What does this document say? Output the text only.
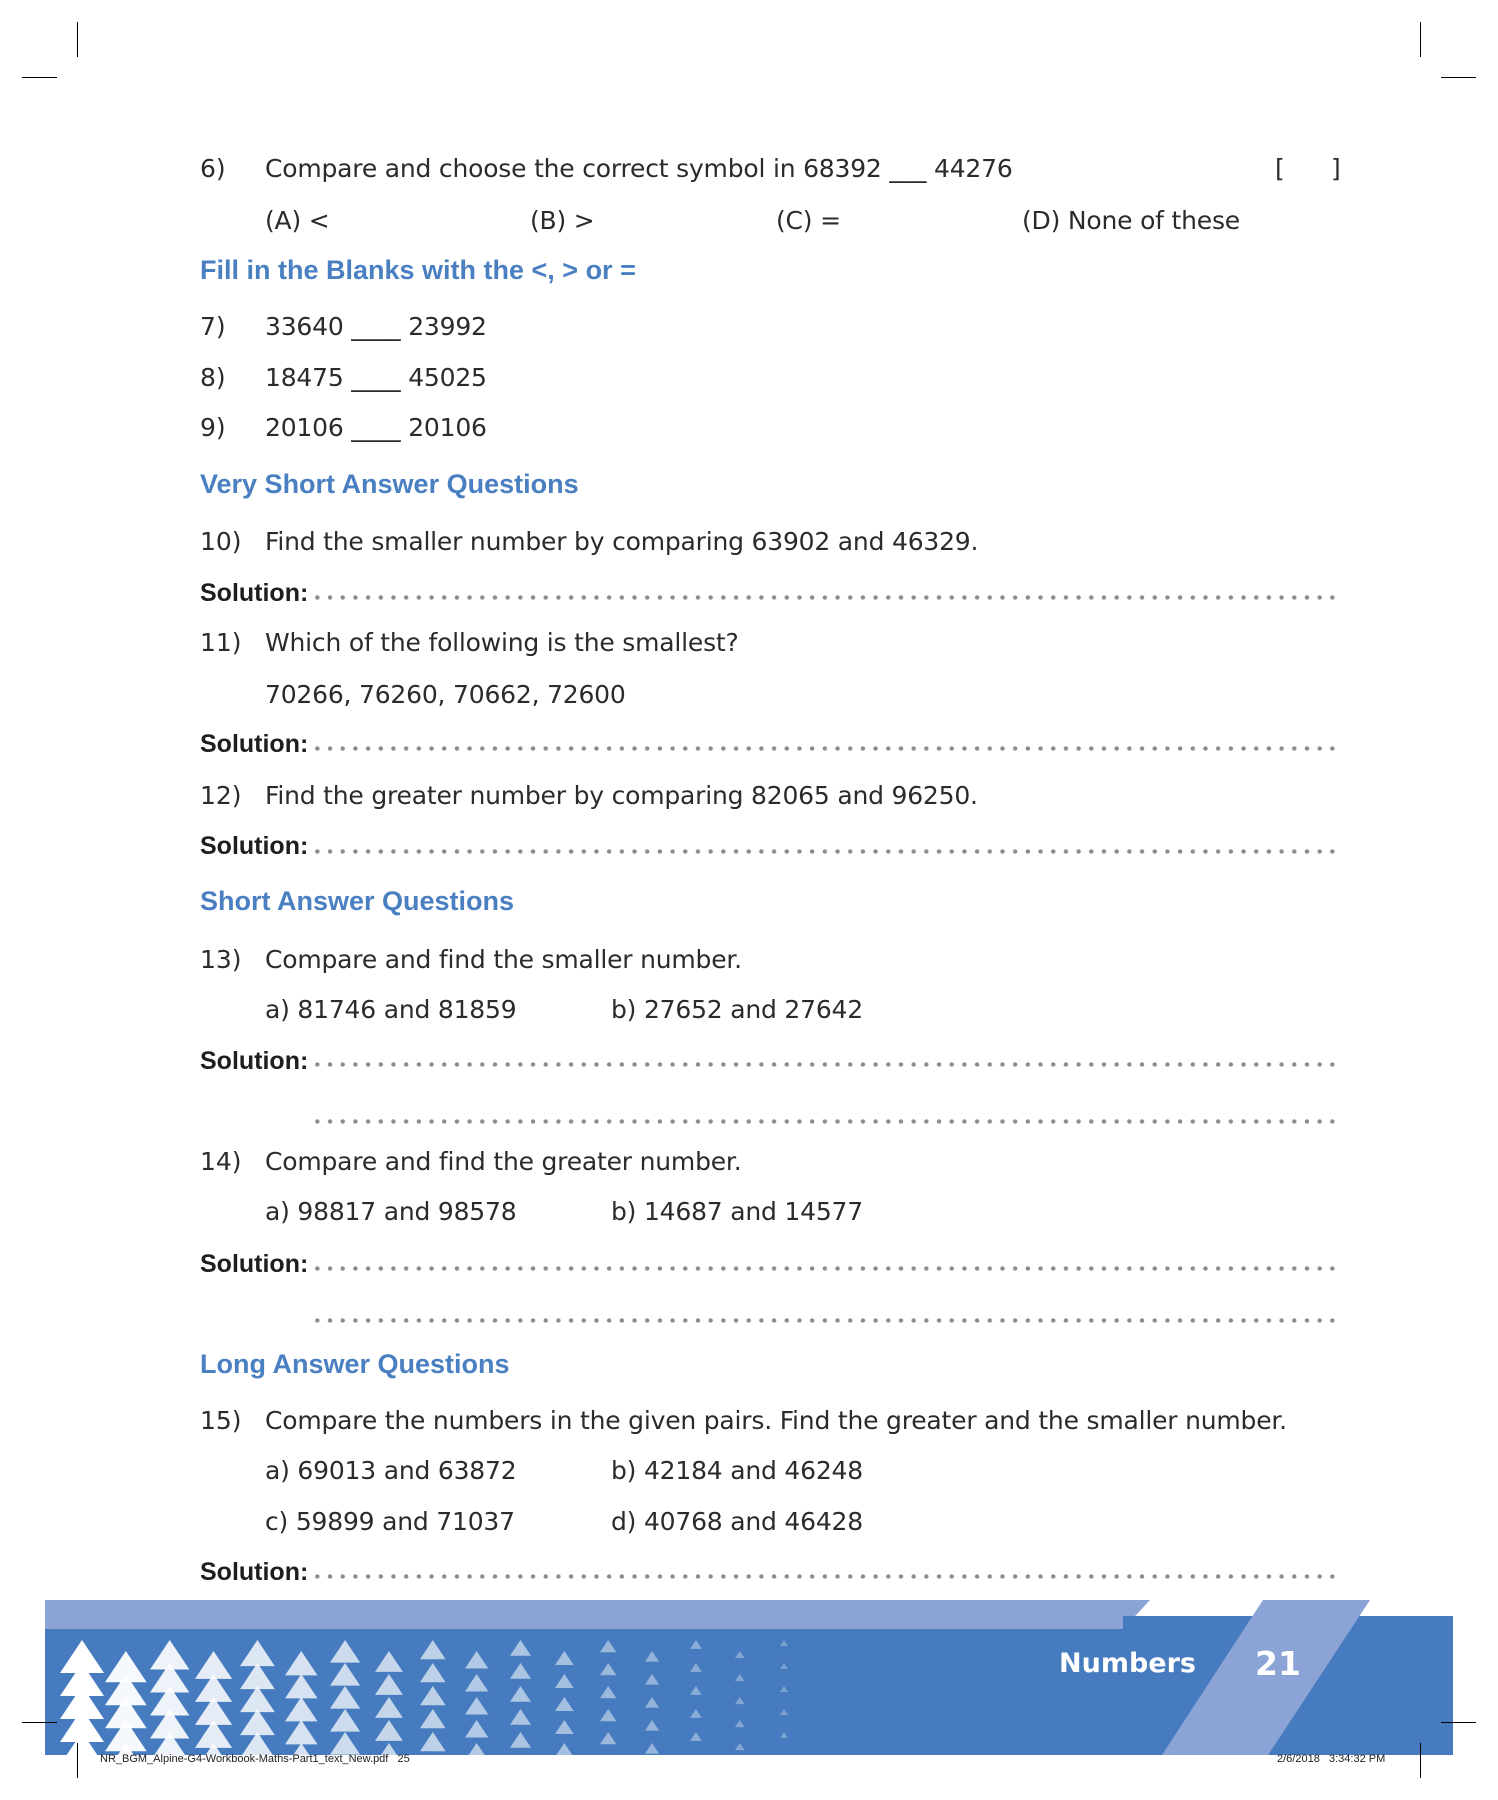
6) Compare and choose the correct symbol in 68392 ___ 44276	[      ]
(A) <	(B) >	(C) =	(D) None of these
Fill in the Blanks with the <, > or =
7) 33640 ____ 23992
8) 18475 ____ 45025
9) 20106 ____ 20106
Very Short Answer Questions
10) Find the smaller number by comparing 63902 and 46329.
Solution:
11) Which of the following is the smallest?
70266, 76260, 70662, 72600
Solution:
12) Find the greater number by comparing 82065 and 96250.
Solution:
Short Answer Questions
13) Compare and find the smaller number.
a) 81746 and 81859	b) 27652 and 27642
Solution:
14) Compare and find the greater number.
a) 98817 and 98578	b) 14687 and 14577
Solution:
Long Answer Questions
15) Compare the numbers in the given pairs. Find the greater and the smaller number.
a) 69013 and 63872	b) 42184 and 46248
c) 59899 and 71037	d) 40768 and 46428
Solution:
Numbers 21
NR_BGM_Alpine-G4-Workbook-Maths-Part1_text_New.pdf   25	2/6/2018   3:34:32 PM
